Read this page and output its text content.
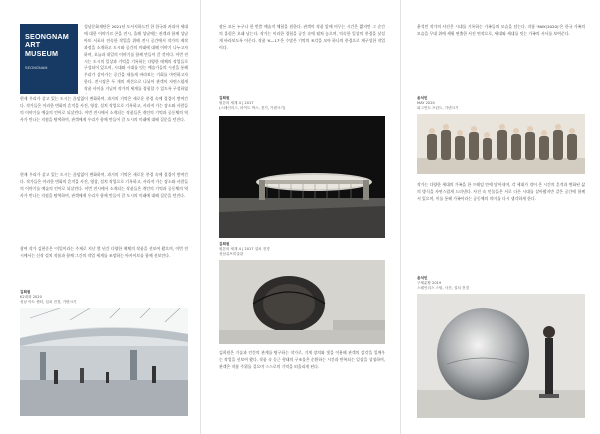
SEONGNAM
ART
MUSEUM
SEONGNAM
성남문화재단은 2021년 도서지하드컨 한 한국과 커리아 세대에 대한 이야기르 콘을 전시, 올해 성남에는 관객과 함께 성남 아트 서포터 전속한 작업을 위해 전시 공간에서 작가의 제작 과정을 소개하고 도시와 공간의 미래에 대해 이야기 나누고자 하며, 오늘과 내일의 이야기를 함께 만들어 갈 것이다. 이번 전시는 도시의 일상과 기억을 기록하는 다양한 매체의 작업들로 구성되어 있으며, 시대와 시대를 잇는 예술가들의 시선을 통해 우리가 살아가는 공간을 새롭게 바라보는 기회를 마련하고자 한다. 전시장은 두 개의 섹션으로 나뉘어 관객이 자연스럽게 작품 사이를 거닐며 작가의 세계를 경험할 수 있도록 구성하였
현재 우리가 살고 있는 도시는 끊임없이 변화하며, 과거의 기억은 새로운 풍경 속에 겹겹이 쌓여간다. 작가들은 이러한 변화의 흔적을 사진, 영상, 설치 작업으로 기록하고, 사라져 가는 장소와 사람들의 이야기를 예술의 언어로 되살린다. 이번 전시에서 소개되는 작품들은 개인의 기억과 공동체의 역사가 만나는 지점을 탐색하며, 관객에게 우리가 함께 만들어 갈 도시의 미래에 대해 질문을 던진다.
현재 우리가 살고 있는 도시는 끊임없이 변화하며, 과거의 기억은 새로운 풍경 속에 겹겹이 쌓여간다. 작가들은 이러한 변화의 흔적을 사진, 영상, 설치 작업으로 기록하고, 사라져 가는 장소와 사람들의 이야기를 예술의 언어로 되살린다. 이번 전시에서 소개되는 작품들은 개인의 기억과 공동체의 역사가 만나는 지점을 탐색하며, 관객에게 우리가 함께 만들어 갈 도시의 미래에 대해 질문을 던진다.
참여 작가 김현준은 '이일이라는 주제로 지난 몇 년간 다양한 매체의 작품을 선보여 왔으며, 이번 전시에서는 신작 설치 작품과 함께 그간의 작업 세계를 조망하는 아카이브를 함께 선보인다.
김희원
K2대화 2020
성남 아트 센터, 설치 전경, 가변크기
잠든 모든 누구나 한 번쯤 예술적 체험을 원한다. 관객이 작품 앞에 머무는 시간은 짧지만 그 순간의 울림은 오래 남는다. 작가는 이러한 경험을 공간 속에 펼쳐 놓으며, 익숙한 일상의 풍경을 낯설게 바라보도록 이끈다. 작품 'K—17'은 수많은 기억의 조각을 모아 하나의 풍경으로 재구성한 작업이다.
김희원
원본의 세계 4 | 2017
(스테인리스, 라이트 박스, 전기, 가변크기)
김희원
원본의 세계 4 | 2017 설치 전경
성남큐브미술관
김희원은 기술과 인간의 관계를 탐구하는 작가로, 기계 장치와 빛을 이용해 관객의 감각을 일깨우는 작업을 선보여 왔다. 작품 속 둥근 형태의 구조물은 순환하는 시간과 반복되는 일상을 상징하며, 관객은 작품 주위를 걸으며 스스로의 기억을 떠올리게 된다.
윤석민 작가의 사진은 시대를 기록하는 가족들의 모습을 담는다. 작품 'MAY(2020)'은 한국 가족의 모습을 무대 위에 세워 연출한 사진 연작으로, 세대와 세대를 잇는 가족의 서사를 보여준다.
윤석민
MAY 2020
피그먼트 프린트, 가변크기
작가는 다양한 세대의 가족을 한 프레임 안에 담아내며, 각 세대가 겪어 온 시간의 흔적과 변화된 삶의 방식을 자연스럽게 드러낸다. 사진 속 인물들은 서로 다른 시대를 살아왔지만 같은 공간에 함께 서 있으며, 이를 통해 가족이라는 공동체의 의미를 다시 생각하게 한다.
윤석민
구체분할 2019
스테인리스 스틸, 사진, 설치 전경
